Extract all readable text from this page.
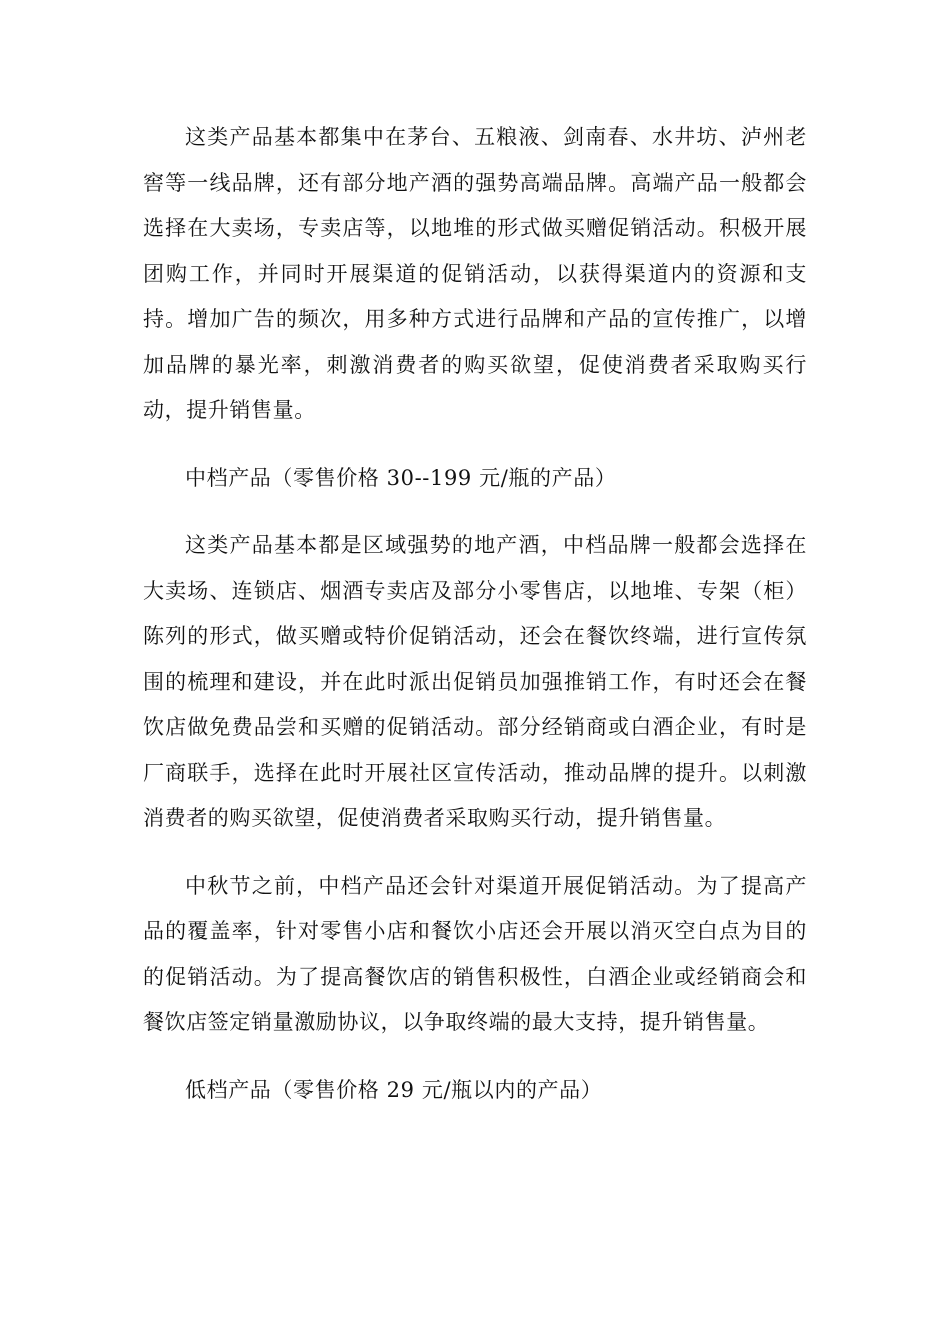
这类产品基本都集中在茅台、五粮液、剑南春、水井坊、泸州老窖等一线品牌，还有部分地产酒的强势高端品牌。高端产品一般都会选择在大卖场，专卖店等，以地堆的形式做买赠促销活动。积极开展团购工作，并同时开展渠道的促销活动，以获得渠道内的资源和支持。增加广告的频次，用多种方式进行品牌和产品的宣传推广，以增加品牌的暴光率，刺激消费者的购买欲望，促使消费者采取购买行动，提升销售量。

中档产品（零售价格 30--199 元/瓶的产品）

这类产品基本都是区域强势的地产酒，中档品牌一般都会选择在大卖场、连锁店、烟酒专卖店及部分小零售店，以地堆、专架（柜）陈列的形式，做买赠或特价促销活动，还会在餐饮终端，进行宣传氛围的梳理和建设，并在此时派出促销员加强推销工作，有时还会在餐饮店做免费品尝和买赠的促销活动。部分经销商或白酒企业，有时是厂商联手，选择在此时开展社区宣传活动，推动品牌的提升。以刺激消费者的购买欲望，促使消费者采取购买行动，提升销售量。

中秋节之前，中档产品还会针对渠道开展促销活动。为了提高产品的覆盖率，针对零售小店和餐饮小店还会开展以消灭空白点为目的的促销活动。为了提高餐饮店的销售积极性，白酒企业或经销商会和餐饮店签定销量激励协议，以争取终端的最大支持，提升销售量。

低档产品（零售价格 29 元/瓶以内的产品）
